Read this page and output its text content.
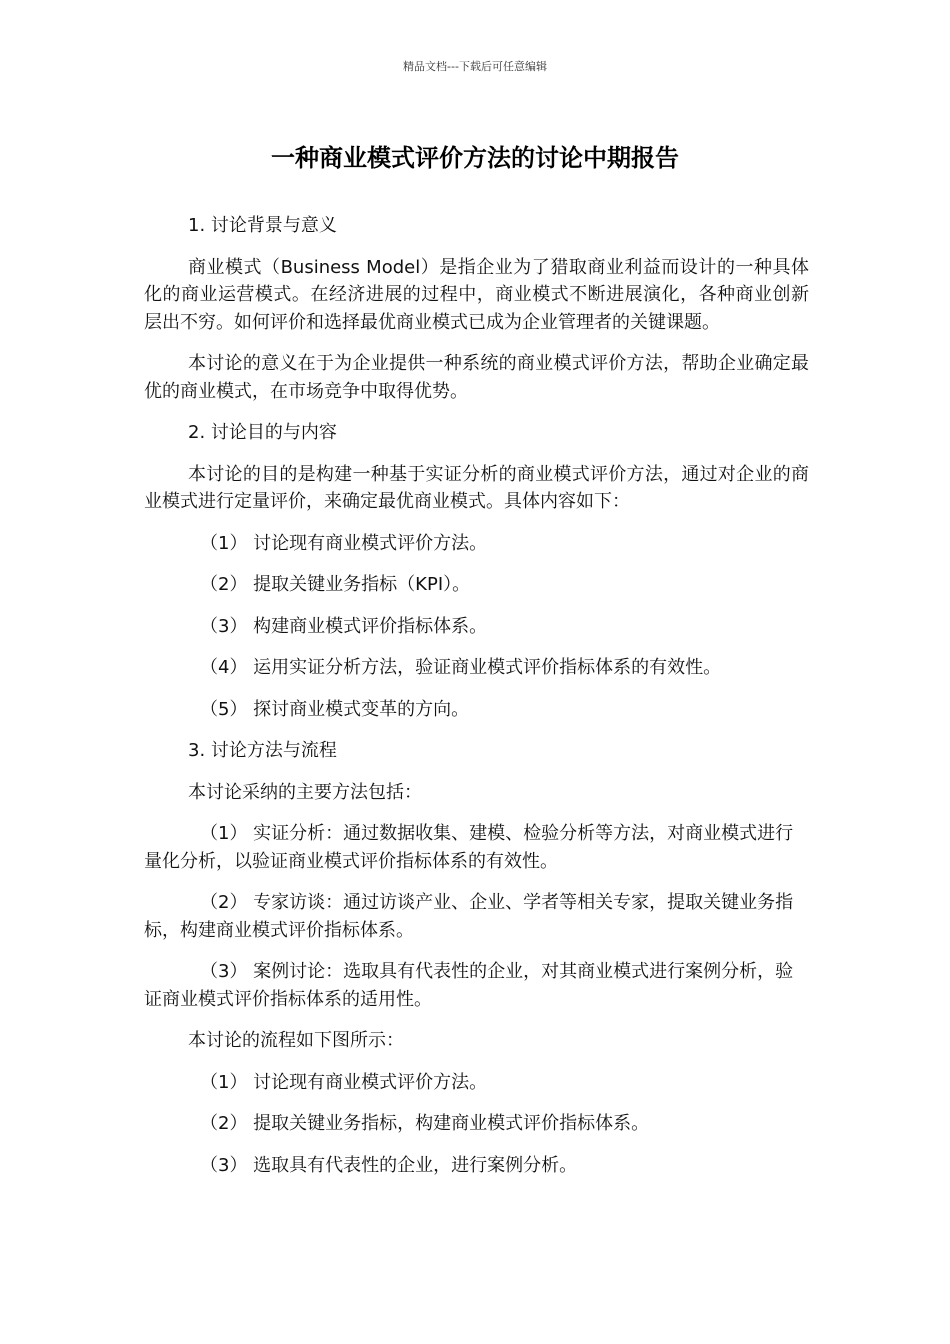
精品文档---下载后可任意编辑
一种商业模式评价方法的讨论中期报告
1. 讨论背景与意义
商业模式（Business Model）是指企业为了猎取商业利益而设计的一种具体化的商业运营模式。在经济进展的过程中，商业模式不断进展演化，各种商业创新层出不穷。如何评价和选择最优商业模式已成为企业管理者的关键课题。
本讨论的意义在于为企业提供一种系统的商业模式评价方法，帮助企业确定最优的商业模式，在市场竞争中取得优势。
2. 讨论目的与内容
本讨论的目的是构建一种基于实证分析的商业模式评价方法，通过对企业的商业模式进行定量评价，来确定最优商业模式。具体内容如下：
（1） 讨论现有商业模式评价方法。
（2） 提取关键业务指标（KPI）。
（3） 构建商业模式评价指标体系。
（4） 运用实证分析方法，验证商业模式评价指标体系的有效性。
（5） 探讨商业模式变革的方向。
3. 讨论方法与流程
本讨论采纳的主要方法包括：
（1） 实证分析：通过数据收集、建模、检验分析等方法，对商业模式进行量化分析，以验证商业模式评价指标体系的有效性。
（2） 专家访谈：通过访谈产业、企业、学者等相关专家，提取关键业务指标，构建商业模式评价指标体系。
（3） 案例讨论：选取具有代表性的企业，对其商业模式进行案例分析，验证商业模式评价指标体系的适用性。
本讨论的流程如下图所示：
（1） 讨论现有商业模式评价方法。
（2） 提取关键业务指标，构建商业模式评价指标体系。
（3） 选取具有代表性的企业，进行案例分析。
